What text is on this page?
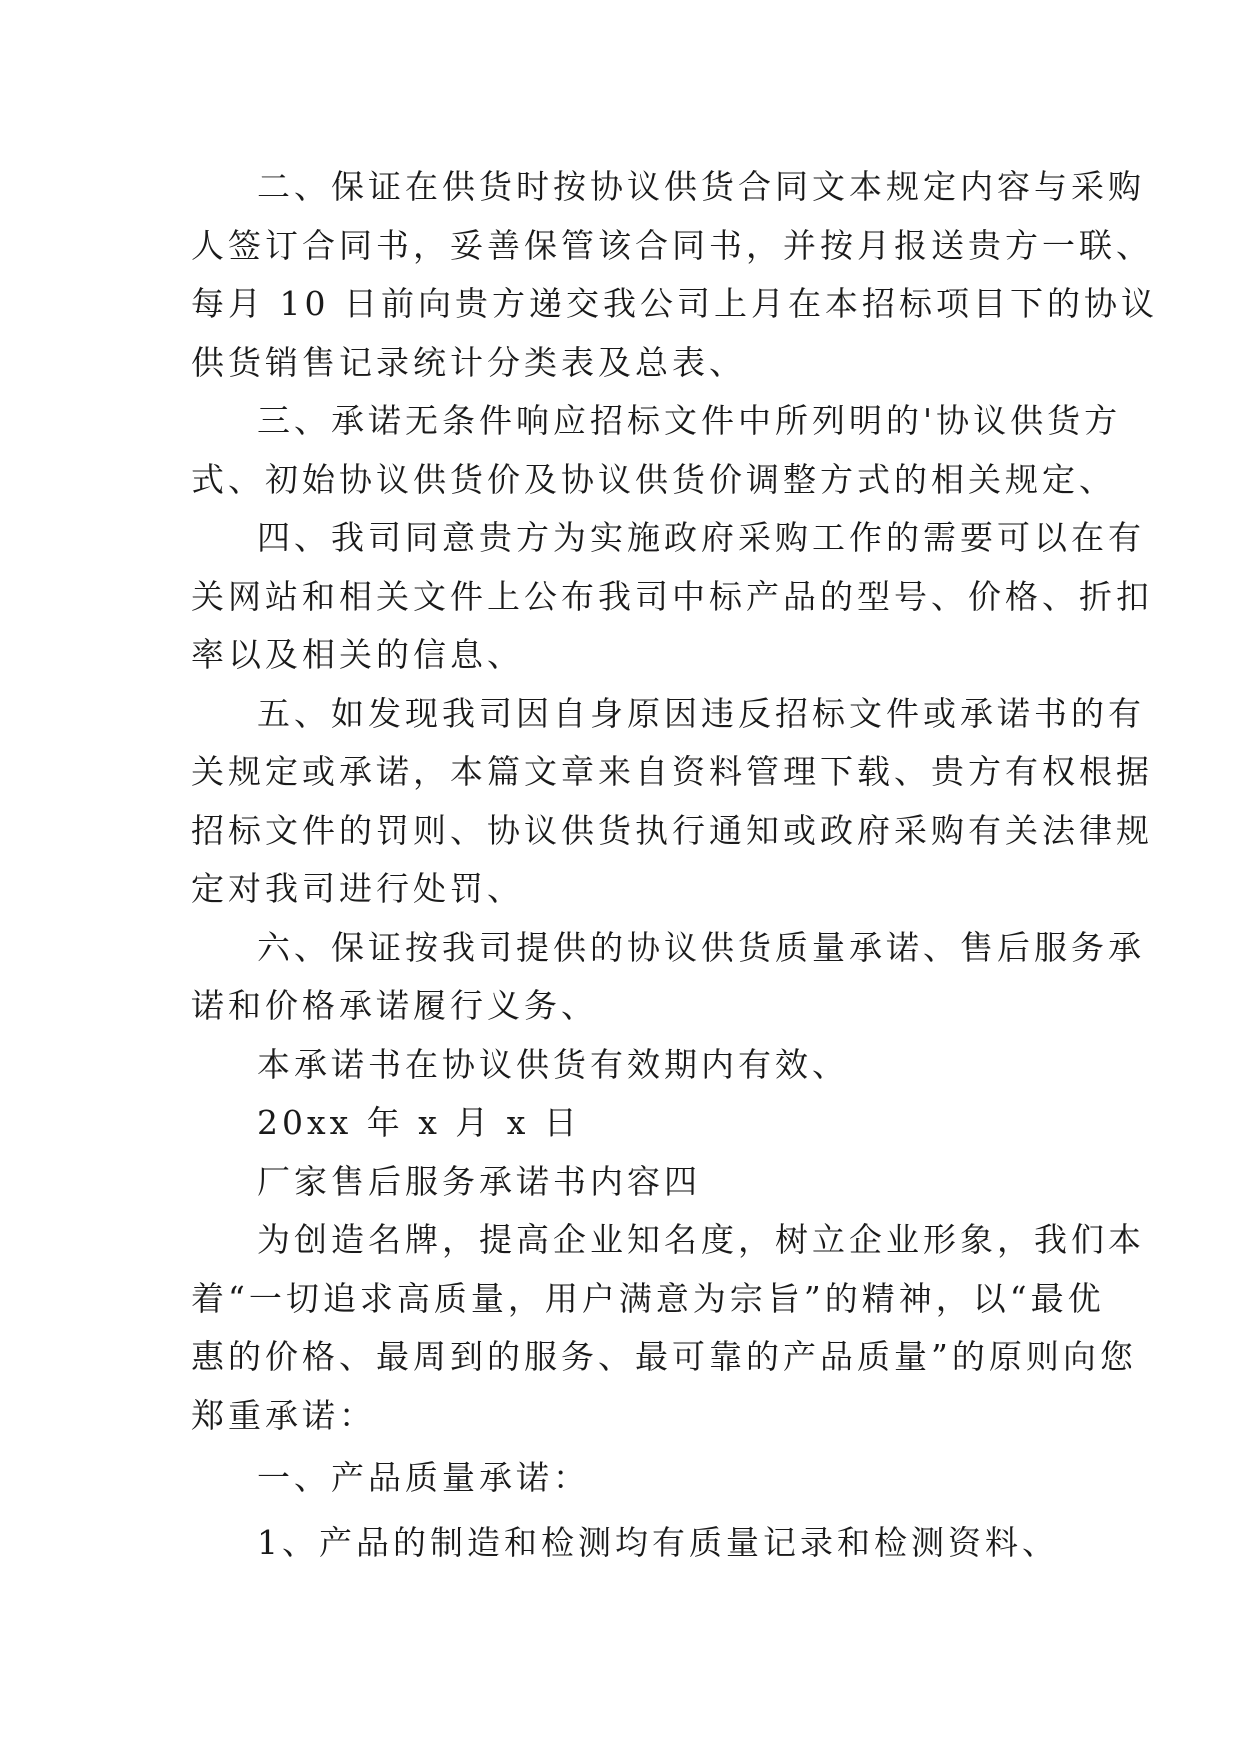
二、保证在供货时按协议供货合同文本规定内容与采购
人签订合同书，妥善保管该合同书，并按月报送贵方一联、
每月 10 日前向贵方递交我公司上月在本招标项目下的协议
供货销售记录统计分类表及总表、
三、承诺无条件响应招标文件中所列明的'协议供货方
式、初始协议供货价及协议供货价调整方式的相关规定、
四、我司同意贵方为实施政府采购工作的需要可以在有
关网站和相关文件上公布我司中标产品的型号、价格、折扣
率以及相关的信息、
五、如发现我司因自身原因违反招标文件或承诺书的有
关规定或承诺，本篇文章来自资料管理下载、贵方有权根据
招标文件的罚则、协议供货执行通知或政府采购有关法律规
定对我司进行处罚、
六、保证按我司提供的协议供货质量承诺、售后服务承
诺和价格承诺履行义务、
本承诺书在协议供货有效期内有效、
20xx 年 x 月 x 日
厂家售后服务承诺书内容四
为创造名牌，提高企业知名度，树立企业形象，我们本
着“一切追求高质量，用户满意为宗旨”的精神，以“最优
惠的价格、最周到的服务、最可靠的产品质量”的原则向您
郑重承诺：
一、产品质量承诺：
1、产品的制造和检测均有质量记录和检测资料、
